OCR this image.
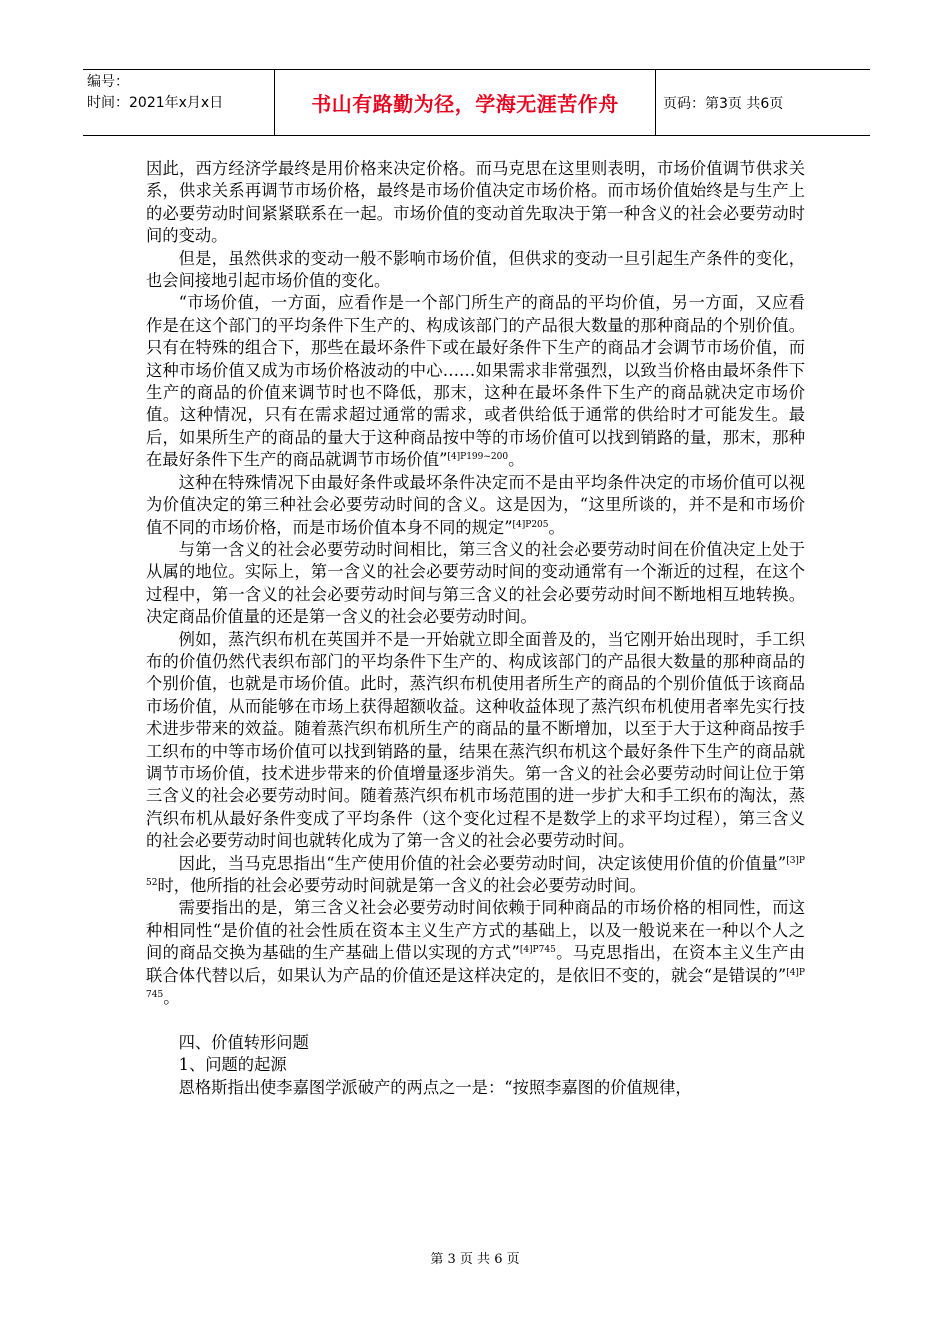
编号：
时间：2021年x月x日	书山有路勤为径，学海无涯苦作舟	页码：第3页 共6页

因此，西方经济学最终是用价格来决定价格。而马克思在这里则表明，市场价值调节供求关系，供求关系再调节市场价格，最终是市场价值决定市场价格。而市场价值始终是与生产上的必要劳动时间紧紧联系在一起。市场价值的变动首先取决于第一种含义的社会必要劳动时间的变动。

但是，虽然供求的变动一般不影响市场价值，但供求的变动一旦引起生产条件的变化，也会间接地引起市场价值的变化。

“市场价值，一方面，应看作是一个部门所生产的商品的平均价值，另一方面，又应看作是在这个部门的平均条件下生产的、构成该部门的产品很大数量的那种商品的个别价值。只有在特殊的组合下，那些在最坏条件下或在最好条件下生产的商品才会调节市场价值，而这种市场价值又成为市场价格波动的中心……如果需求非常强烈，以致当价格由最坏条件下生产的商品的价值来调节时也不降低，那末，这种在最坏条件下生产的商品就决定市场价值。这种情况，只有在需求超过通常的需求，或者供给低于通常的供给时才可能发生。最后，如果所生产的商品的量大于这种商品按中等的市场价值可以找到销路的量，那末，那种在最好条件下生产的商品就调节市场价值”$^{[4]P199\sim 200}$。

这种在特殊情况下由最好条件或最坏条件决定而不是由平均条件决定的市场价值可以视为价值决定的第三种社会必要劳动时间的含义。这是因为，“这里所谈的，并不是和市场价值不同的市场价格，而是市场价值本身不同的规定”$^{[4]P205}$。

与第一含义的社会必要劳动时间相比，第三含义的社会必要劳动时间在价值决定上处于从属的地位。实际上，第一含义的社会必要劳动时间的变动通常有一个渐近的过程，在这个过程中，第一含义的社会必要劳动时间与第三含义的社会必要劳动时间不断地相互地转换。决定商品价值量的还是第一含义的社会必要劳动时间。

例如，蒸汽织布机在英国并不是一开始就立即全面普及的，当它刚开始出现时，手工织布的价值仍然代表织布部门的平均条件下生产的、构成该部门的产品很大数量的那种商品的个别价值，也就是市场价值。此时，蒸汽织布机使用者所生产的商品的个别价值低于该商品市场价值，从而能够在市场上获得超额收益。这种收益体现了蒸汽织布机使用者率先实行技术进步带来的效益。随着蒸汽织布机所生产的商品的量不断增加，以至于大于这种商品按手工织布的中等市场价值可以找到销路的量，结果在蒸汽织布机这个最好条件下生产的商品就调节市场价值，技术进步带来的价值增量逐步消失。第一含义的社会必要劳动时间让位于第三含义的社会必要劳动时间。随着蒸汽织布机市场范围的进一步扩大和手工织布的淘汰，蒸汽织布机从最好条件变成了平均条件（这个变化过程不是数学上的求平均过程），第三含义的社会必要劳动时间也就转化成为了第一含义的社会必要劳动时间。

因此，当马克思指出“生产使用价值的社会必要劳动时间，决定该使用价值的价值量”$^{[3]P52}$时，他所指的社会必要劳动时间就是第一含义的社会必要劳动时间。

需要指出的是，第三含义社会必要劳动时间依赖于同种商品的市场价格的相同性，而这种相同性“是价值的社会性质在资本主义生产方式的基础上，以及一般说来在一种以个人之间的商品交换为基础的生产基础上借以实现的方式”$^{[4]P745}$。马克思指出，在资本主义生产由联合体代替以后，如果认为产品的价值还是这样决定的，是依旧不变的，就会“是错误的”$^{[4]P745}$。

四、价值转形问题

1、问题的起源

恩格斯指出使李嘉图学派破产的两点之一是：“按照李嘉图的价值规律，

第 3 页 共 6 页
